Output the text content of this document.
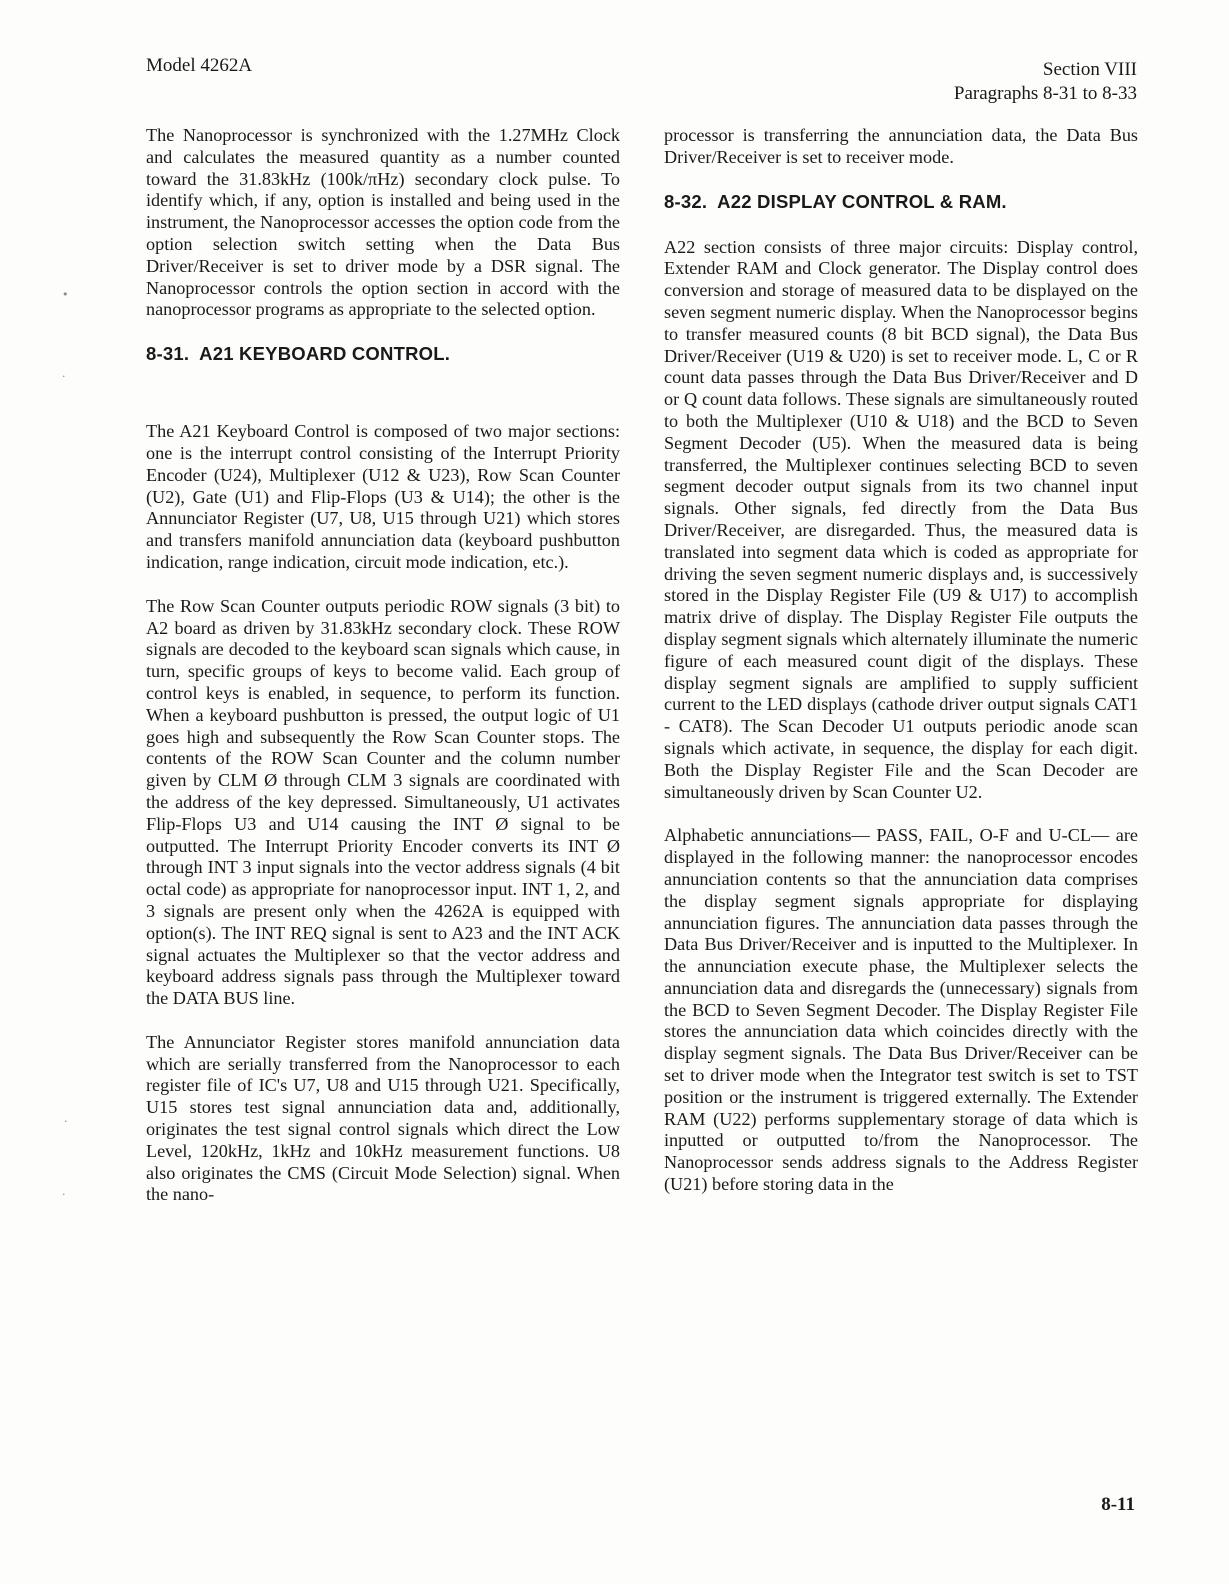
Model 4262A	Section VIII
Paragraphs 8-31 to 8-33

The Nanoprocessor is synchronized with the 1.27MHz Clock and calculates the measured quantity as a number counted toward the 31.83kHz (100k/πHz) secondary clock pulse. To identify which, if any, option is installed and being used in the instrument, the Nanoprocessor accesses the option code from the option selection switch setting when the Data Bus Driver/Receiver is set to driver mode by a DSR signal. The Nanoprocessor controls the option section in accord with the nanoprocessor programs as appropriate to the selected option.

8-31. A21 KEYBOARD CONTROL.

The A21 Keyboard Control is composed of two major sections: one is the interrupt control consisting of the Interrupt Priority Encoder (U24), Multiplexer (U12 & U23), Row Scan Counter (U2), Gate (U1) and Flip-Flops (U3 & U14); the other is the Annunciator Register (U7, U8, U15 through U21) which stores and transfers manifold annunciation data (keyboard pushbutton indication, range indication, circuit mode indication, etc.).

The Row Scan Counter outputs periodic ROW signals (3 bit) to A2 board as driven by 31.83kHz secondary clock. These ROW signals are decoded to the keyboard scan signals which cause, in turn, specific groups of keys to become valid. Each group of control keys is enabled, in sequence, to perform its function. When a keyboard pushbutton is pressed, the output logic of U1 goes high and subsequently the Row Scan Counter stops. The contents of the ROW Scan Counter and the column number given by CLM Ø through CLM 3 signals are coordinated with the address of the key depressed. Simultaneously, U1 activates Flip-Flops U3 and U14 causing the INT Ø signal to be outputted. The Interrupt Priority Encoder converts its INT Ø through INT 3 input signals into the vector address signals (4 bit octal code) as appropriate for nanoprocessor input. INT 1, 2, and 3 signals are present only when the 4262A is equipped with option(s). The INT REQ signal is sent to A23 and the INT ACK signal actuates the Multiplexer so that the vector address and keyboard address signals pass through the Multiplexer toward the DATA BUS line.

The Annunciator Register stores manifold annunciation data which are serially transferred from the Nanoprocessor to each register file of IC's U7, U8 and U15 through U21. Specifically, U15 stores test signal annunciation data and, additionally, originates the test signal control signals which direct the Low Level, 120kHz, 1kHz and 10kHz measurement functions. U8 also originates the CMS (Circuit Mode Selection) signal. When the nano-

processor is transferring the annunciation data, the Data Bus Driver/Receiver is set to receiver mode.

8-32. A22 DISPLAY CONTROL & RAM.

A22 section consists of three major circuits: Display control, Extender RAM and Clock generator. The Display control does conversion and storage of measured data to be displayed on the seven segment numeric display. When the Nanoprocessor begins to transfer measured counts (8 bit BCD signal), the Data Bus Driver/Receiver (U19 & U20) is set to receiver mode. L, C or R count data passes through the Data Bus Driver/Receiver and D or Q count data follows. These signals are simultaneously routed to both the Multiplexer (U10 & U18) and the BCD to Seven Segment Decoder (U5). When the measured data is being transferred, the Multiplexer continues selecting BCD to seven segment decoder output signals from its two channel input signals. Other signals, fed directly from the Data Bus Driver/Receiver, are disregarded. Thus, the measured data is translated into segment data which is coded as appropriate for driving the seven segment numeric displays and, is successively stored in the Display Register File (U9 & U17) to accomplish matrix drive of display. The Display Register File outputs the display segment signals which alternately illuminate the numeric figure of each measured count digit of the displays. These display segment signals are amplified to supply sufficient current to the LED displays (cathode driver output signals CAT1 - CAT8). The Scan Decoder U1 outputs periodic anode scan signals which activate, in sequence, the display for each digit. Both the Display Register File and the Scan Decoder are simultaneously driven by Scan Counter U2.

Alphabetic annunciations— PASS, FAIL, O-F and U-CL— are displayed in the following manner: the nanoprocessor encodes annunciation contents so that the annunciation data comprises the display segment signals appropriate for displaying annunciation figures. The annunciation data passes through the Data Bus Driver/Receiver and is inputted to the Multiplexer. In the annunciation execute phase, the Multiplexer selects the annunciation data and disregards the (unnecessary) signals from the BCD to Seven Segment Decoder. The Display Register File stores the annunciation data which coincides directly with the display segment signals. The Data Bus Driver/Receiver can be set to driver mode when the Integrator test switch is set to TST position or the instrument is triggered externally. The Extender RAM (U22) performs supplementary storage of data which is inputted or outputted to/from the Nanoprocessor. The Nanoprocessor sends address signals to the Address Register (U21) before storing data in the

8-11
•
·
·
·
